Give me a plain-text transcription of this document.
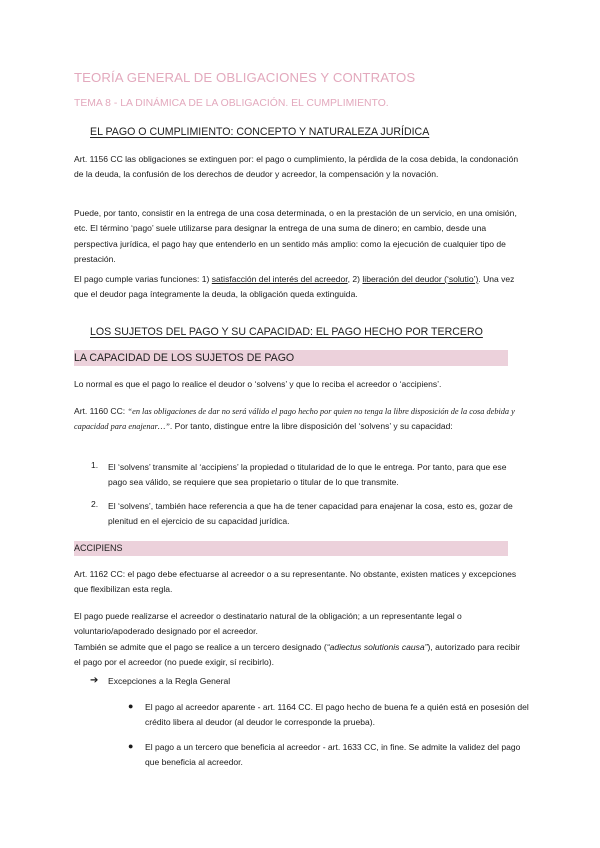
TEORÍA GENERAL DE OBLIGACIONES Y CONTRATOS
TEMA 8 - LA DINÁMICA DE LA OBLIGACIÓN. EL CUMPLIMIENTO.
EL PAGO O CUMPLIMIENTO: CONCEPTO Y NATURALEZA JURÍDICA
Art. 1156 CC las obligaciones se extinguen por: el pago o cumplimiento, la pérdida de la cosa debida, la condonación de la deuda, la confusión de los derechos de deudor y acreedor, la compensación y la novación.
Puede, por tanto, consistir en la entrega de una cosa determinada, o en la prestación de un servicio, en una omisión, etc. El término ‘pago’ suele utilizarse para designar la entrega de una suma de dinero; en cambio, desde una perspectiva jurídica, el pago hay que entenderlo en un sentido más amplio: como la ejecución de cualquier tipo de prestación.
El pago cumple varias funciones: 1) satisfacción del interés del acreedor, 2) liberación del deudor (‘solutio’). Una vez que el deudor paga íntegramente la deuda, la obligación queda extinguida.
LOS SUJETOS DEL PAGO Y SU CAPACIDAD: EL PAGO HECHO POR TERCERO
LA CAPACIDAD DE LOS SUJETOS DE PAGO
Lo normal es que el pago lo realice el deudor o ‘solvens’ y que lo reciba el acreedor o ‘accipiens’.
Art. 1160 CC: “en las obligaciones de dar no será válido el pago hecho por quien no tenga la libre disposición de la cosa debida y capacidad para enajenar…”. Por tanto, distingue entre la libre disposición del ‘solvens’ y su capacidad:
1. El ‘solvens’ transmite al ‘accipiens’ la propiedad o titularidad de lo que le entrega. Por tanto, para que ese pago sea válido, se requiere que sea propietario o titular de lo que transmite.
2. El ‘solvens’, también hace referencia a que ha de tener capacidad para enajenar la cosa, esto es, gozar de plenitud en el ejercicio de su capacidad jurídica.
ACCIPIENS
Art. 1162 CC: el pago debe efectuarse al acreedor o a su representante. No obstante, existen matices y excepciones que flexibilizan esta regla.
El pago puede realizarse el acreedor o destinatario natural de la obligación; a un representante legal o voluntario/apoderado designado por el acreedor.
También se admite que el pago se realice a un tercero designado (“adiectus solutionis causa”), autorizado para recibir el pago por el acreedor (no puede exigir, sí recibirlo).
➔ Excepciones a la Regla General
● El pago al acreedor aparente - art. 1164 CC. El pago hecho de buena fe a quién está en posesión del crédito libera al deudor (al deudor le corresponde la prueba).
● El pago a un tercero que beneficia al acreedor - art. 1633 CC, in fine. Se admite la validez del pago que beneficia al acreedor.
